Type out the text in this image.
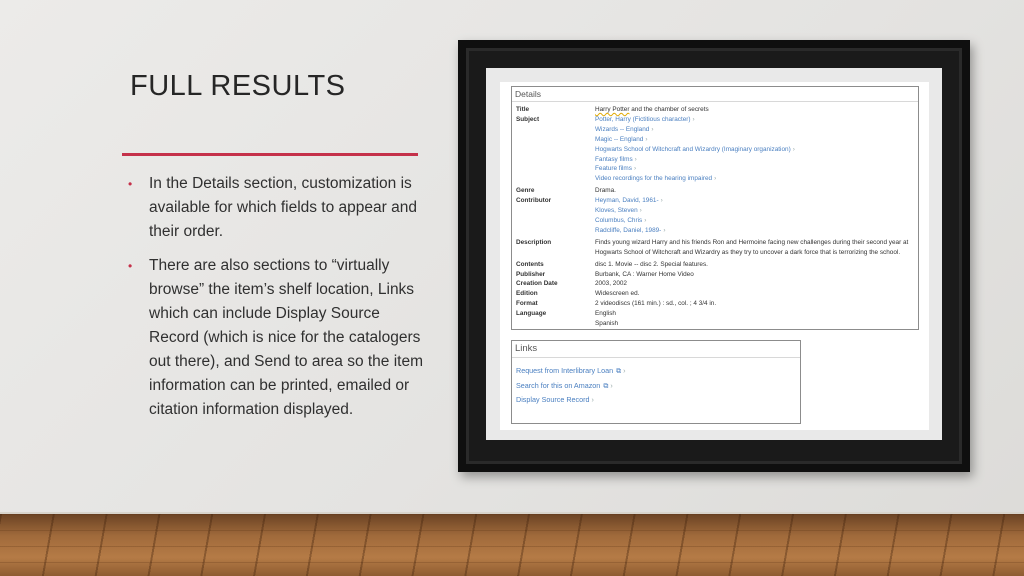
FULL RESULTS
• In the Details section, customization is available for which fields to appear and their order.
• There are also sections to “virtually browse” the item’s shelf location, Links which can include Display Source Record (which is nice for the catalogers out there), and Send to area so the item information can be printed, emailed or citation information displayed.
Details
Title	Harry Potter and the chamber of secrets
Subject	Potter, Harry (Fictitious character) ›
Wizards -- England ›
Magic -- England ›
Hogwarts School of Witchcraft and Wizardry (Imaginary organization) ›
Fantasy films ›
Feature films ›
Video recordings for the hearing impaired ›
Genre	Drama.
Contributor	Heyman, David, 1961- ›
Kloves, Steven ›
Columbus, Chris ›
Radcliffe, Daniel, 1989- ›
Description	Finds young wizard Harry and his friends Ron and Hermoine facing new challenges during their second year at Hogwarts School of Witchcraft and Wizardry as they try to uncover a dark force that is terrorizing the school.
Contents	disc 1. Movie -- disc 2. Special features.
Publisher	Burbank, CA : Warner Home Video
Creation Date	2003, 2002
Edition	Widescreen ed.
Format	2 videodiscs (161 min.) : sd., col. ; 4 3/4 in.
Language	English
Spanish
Links
Request from Interlibrary Loan ⧉ ›
Search for this on Amazon ⧉ ›
Display Source Record ›
